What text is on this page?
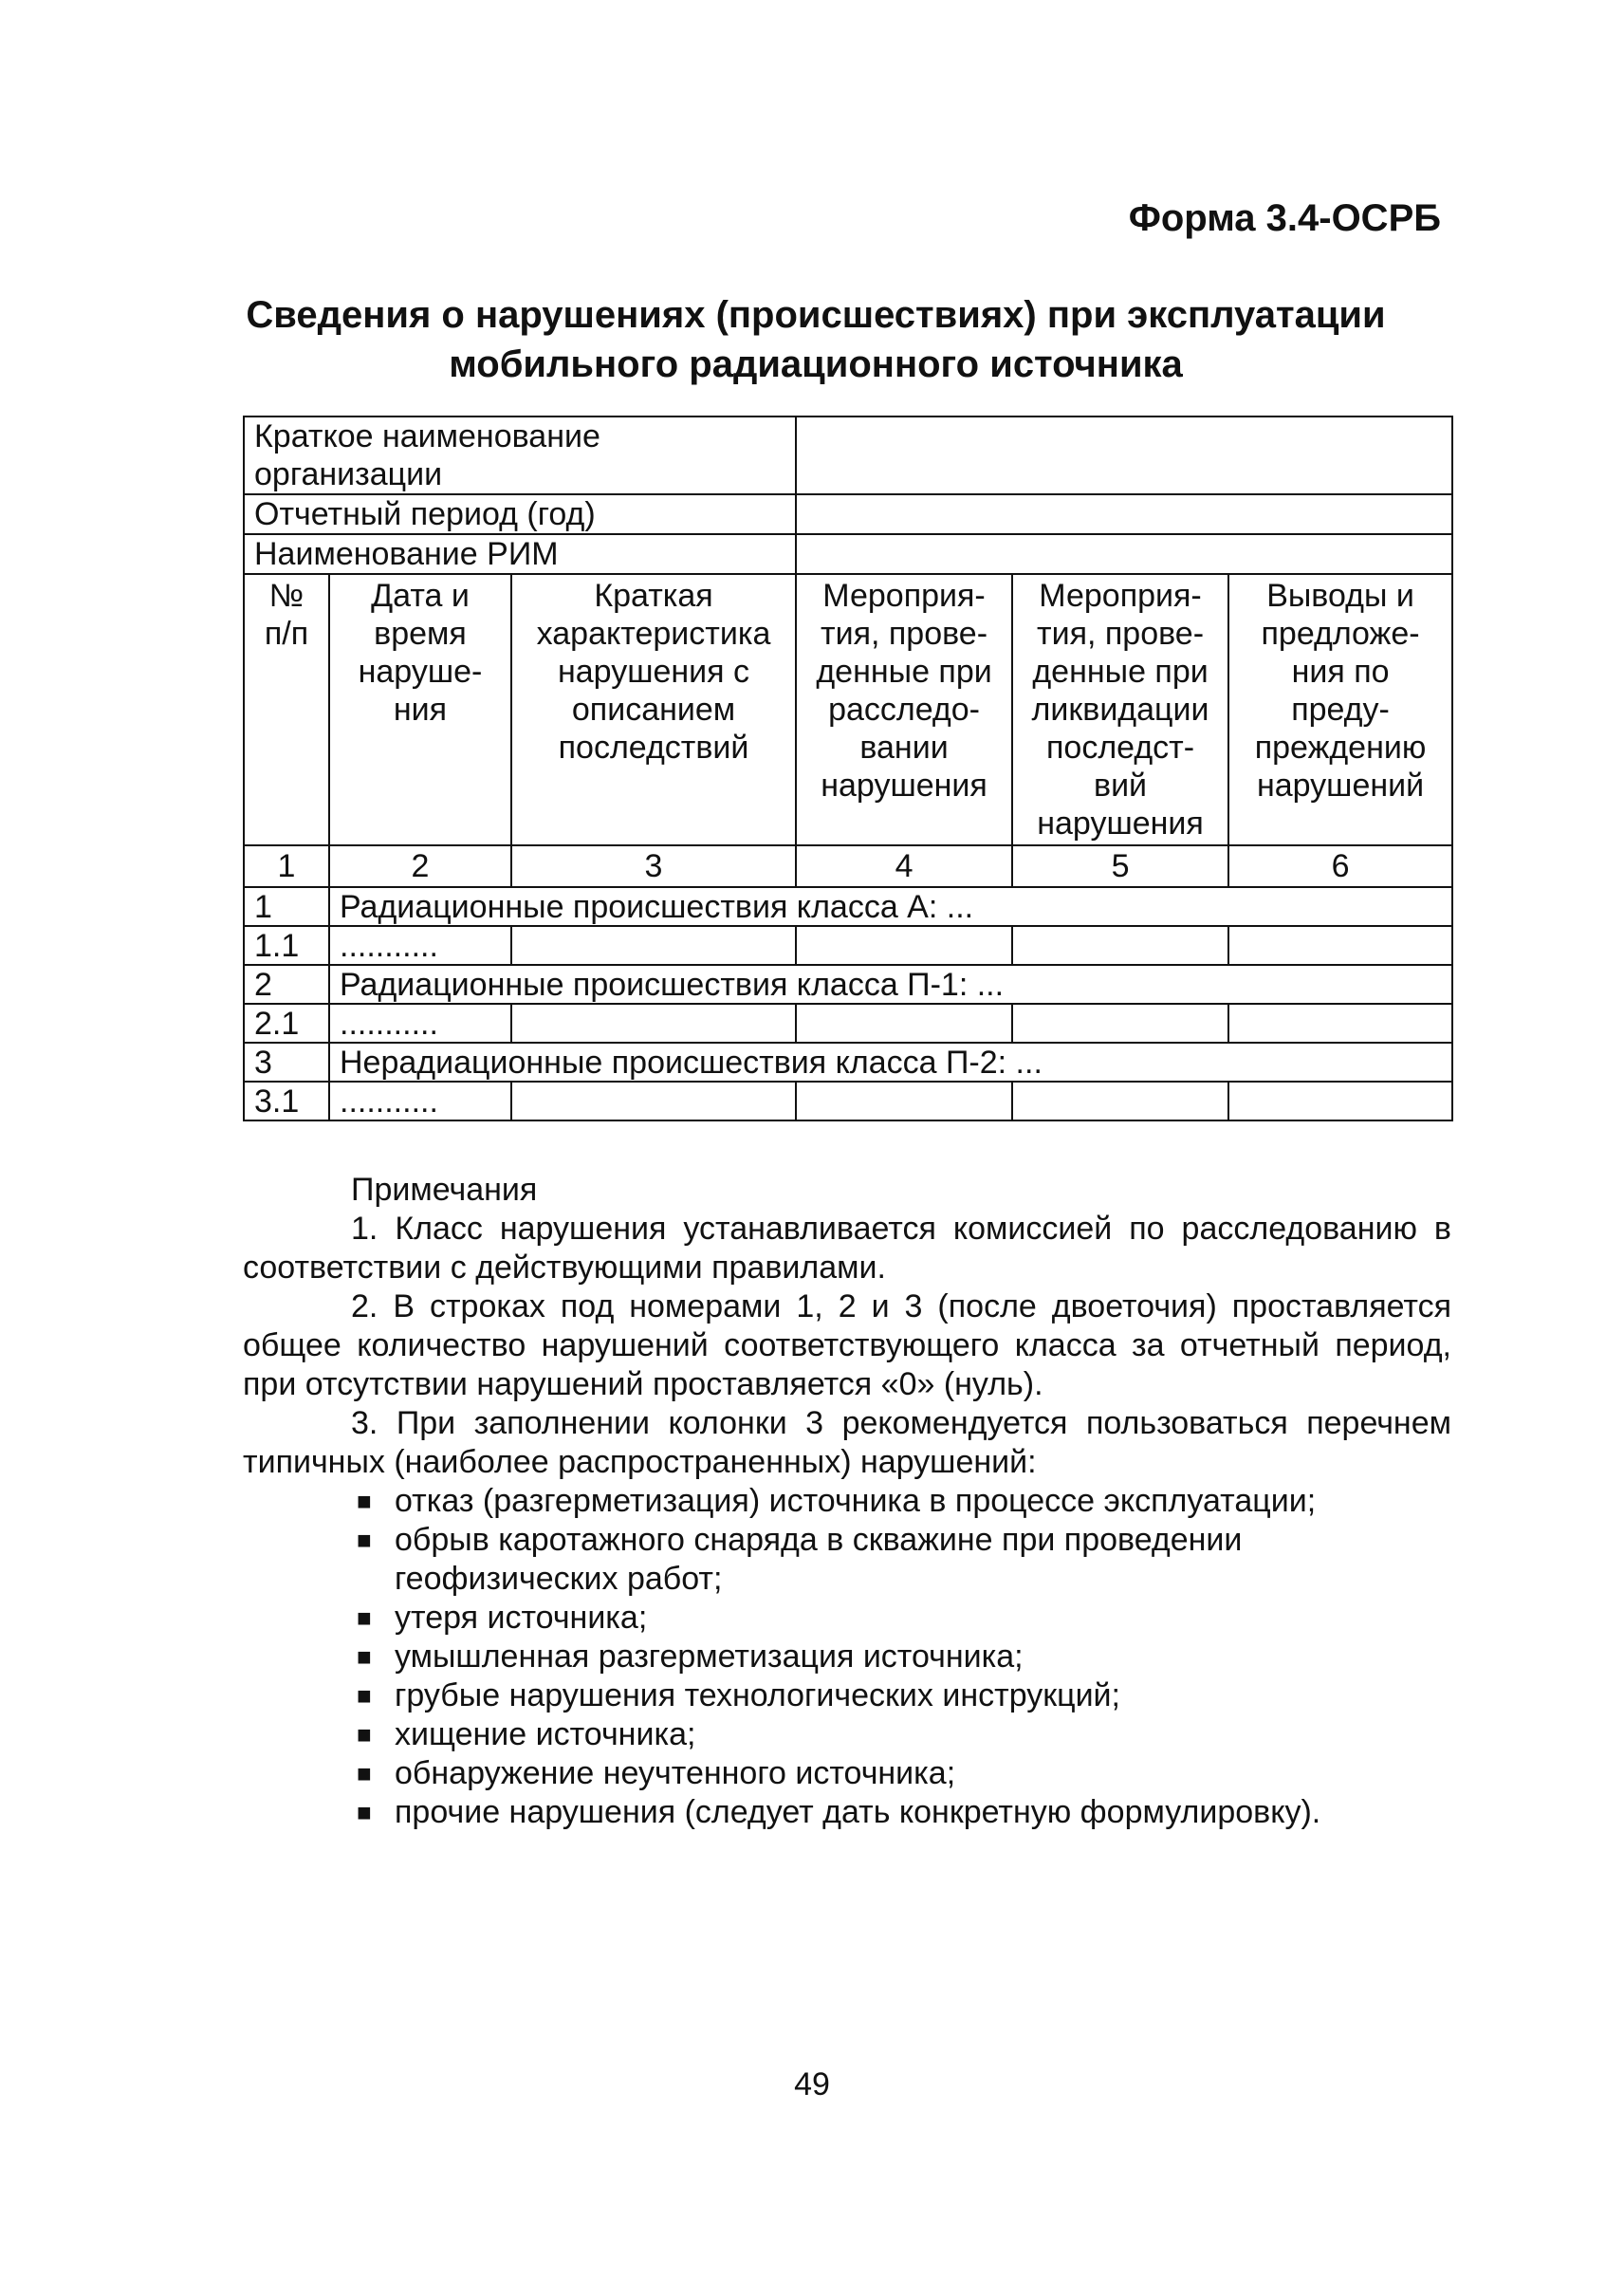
Форма 3.4-ОСРБ
Сведения о нарушениях (происшествиях) при эксплуатации
мобильного радиационного источника
Краткое наименование организации					
Отчетный период (год)					
Наименование РИМ					
№ п/п	Дата и время наруше-ния	Краткая характеристика нарушения с описанием последствий	Мероприя-тия, прове-денные при расследо-вании нарушения	Мероприя-тия, прове-денные при ликвидации последст-вий нарушения	Выводы и предложе-ния по преду-преждению нарушений
1	2	3	4	5	6
1	Радиационные происшествия класса А: ...				
1.1	...........				
2	Радиационные происшествия класса П-1: ...				
2.1	...........				
3	Нерадиационные происшествия класса П-2: ...				
3.1	...........				

Примечания

1. Класс нарушения устанавливается комиссией по расследованию в соответствии с действующими правилами.

2. В строках под номерами 1, 2 и 3 (после двоеточия) проставляется общее количество нарушений соответствующего класса за отчетный период, при отсутствии нарушений проставляется «0» (нуль).

3. При заполнении колонки 3 рекомендуется пользоваться перечнем типичных (наиболее распространенных) нарушений:

■ отказ (разгерметизация) источника в процессе эксплуатации;
■ обрыв каротажного снаряда в скважине при проведении геофизических работ;
■ утеря источника;
■ умышленная разгерметизация источника;
■ грубые нарушения технологических инструкций;
■ хищение источника;
■ обнаружение неучтенного источника;
■ прочие нарушения (следует дать конкретную формулировку).
49
